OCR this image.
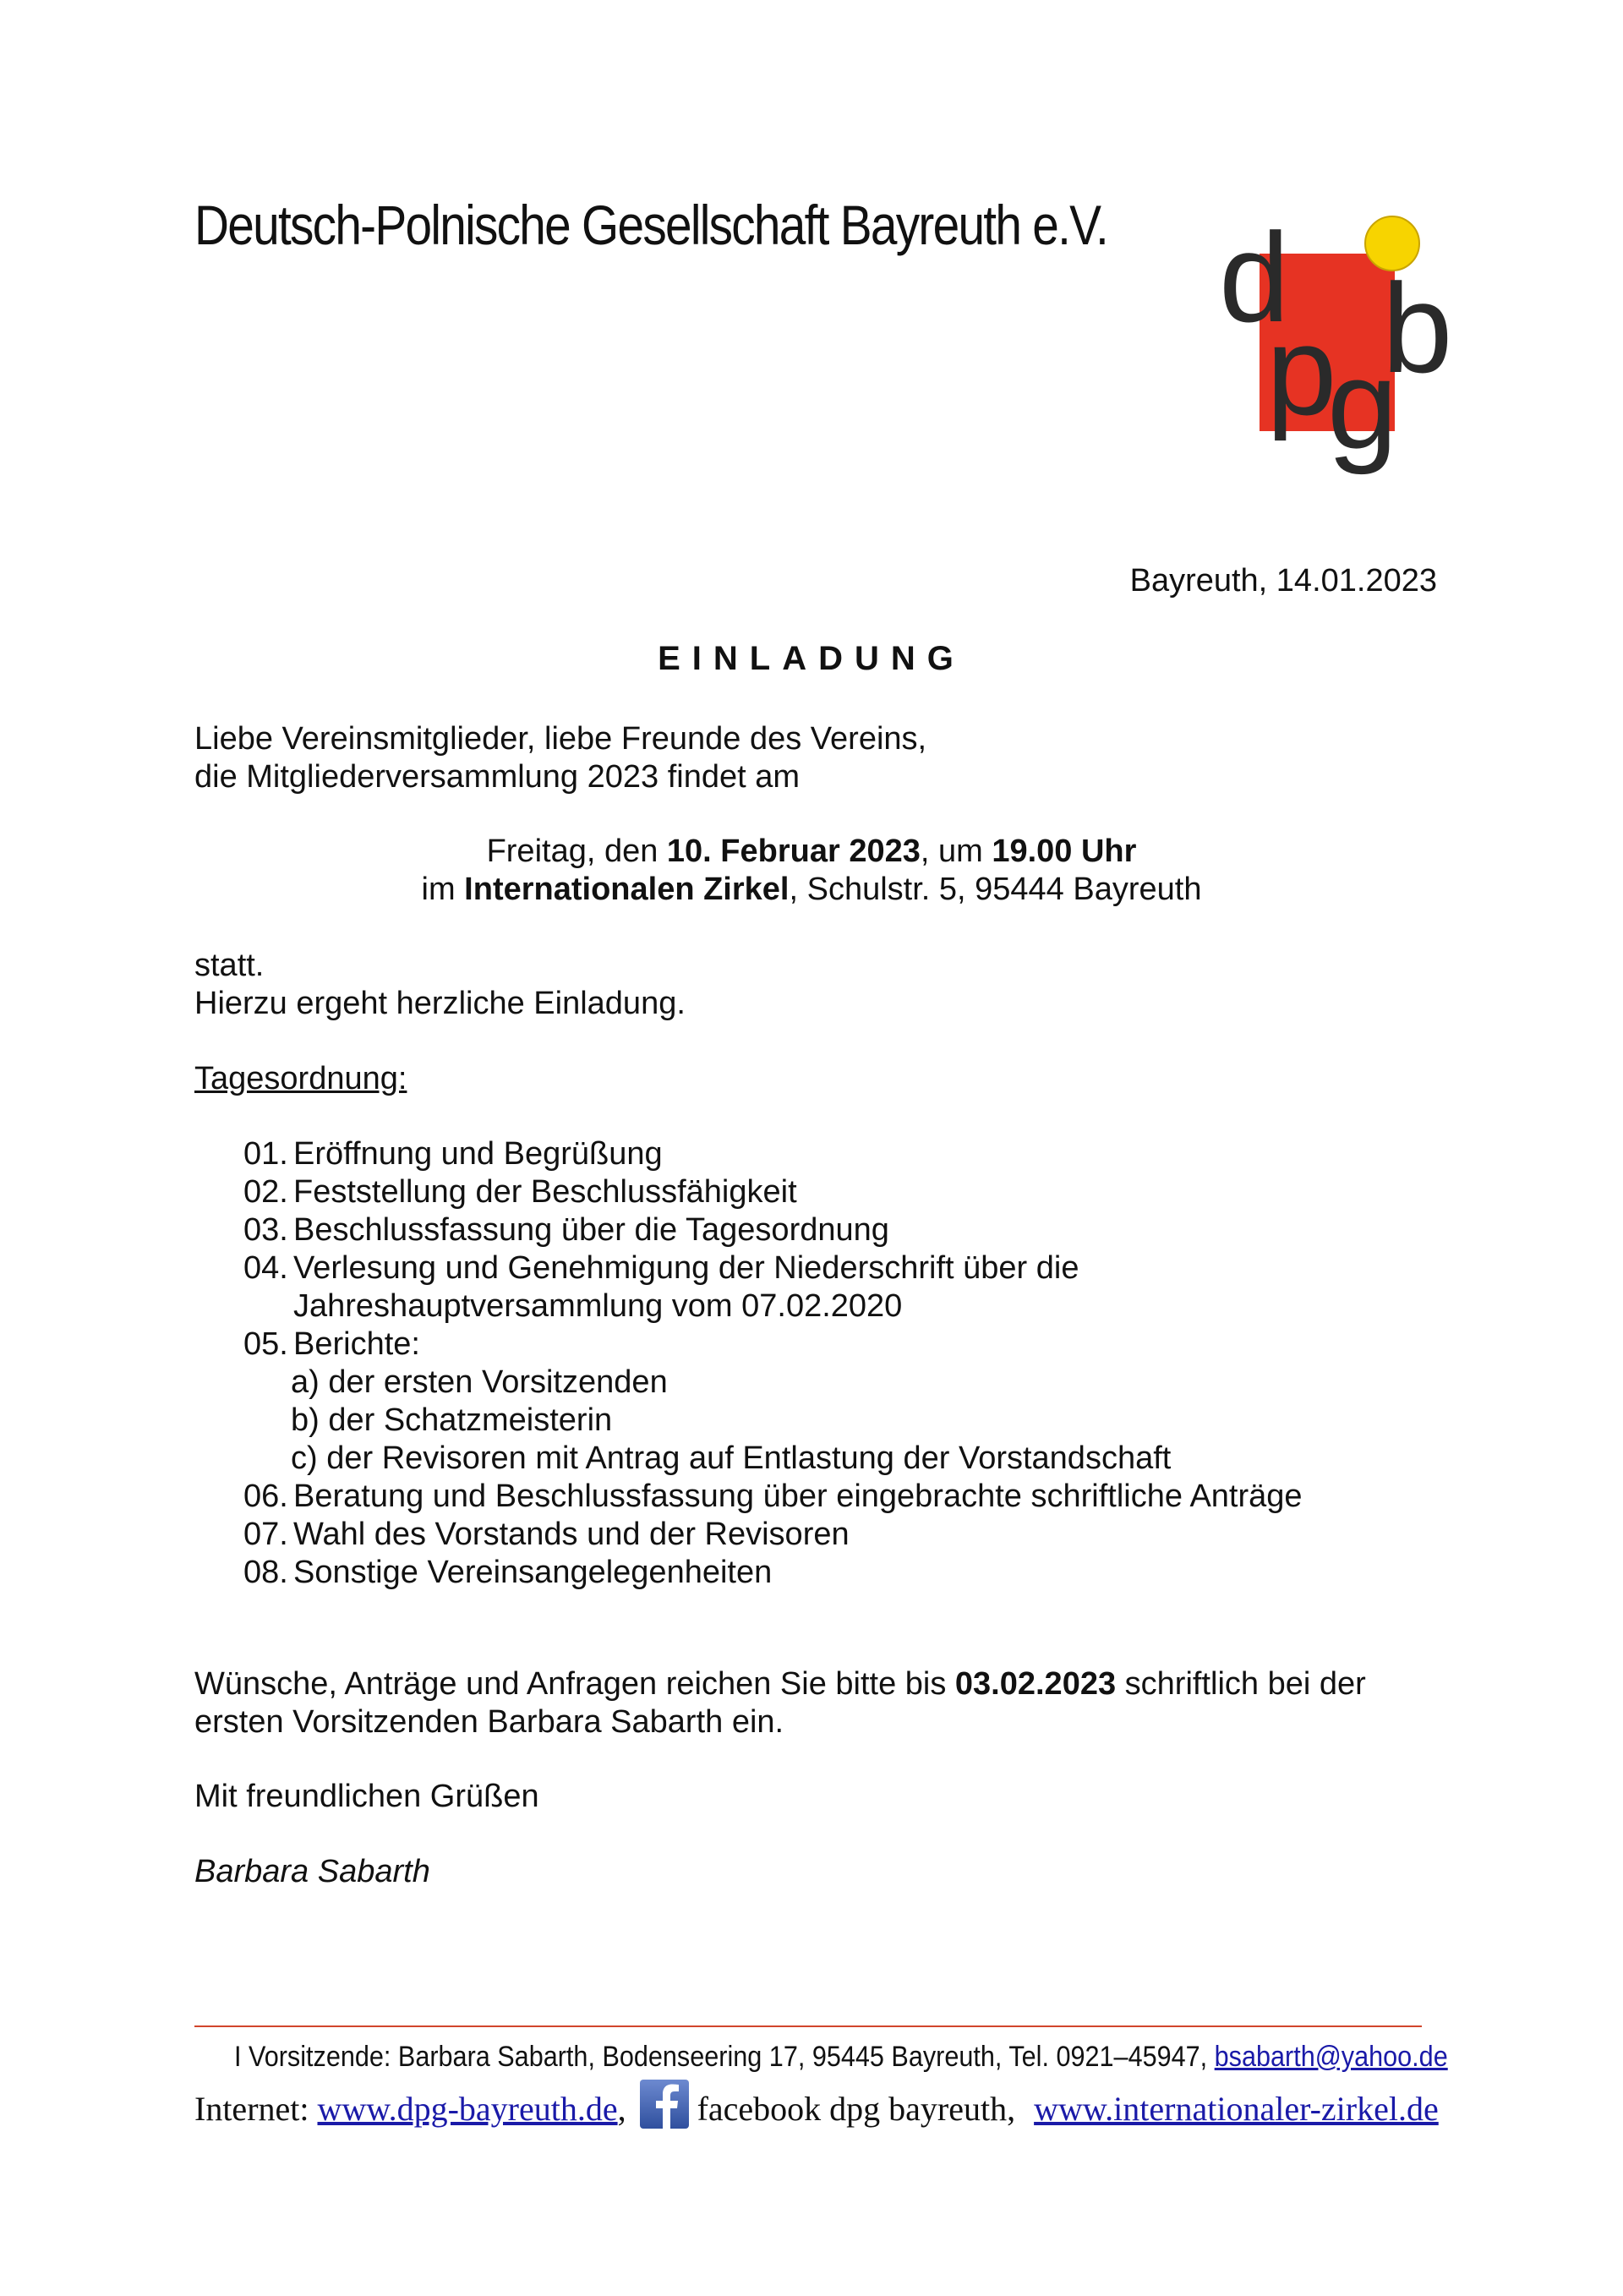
Deutsch-Polnische Gesellschaft Bayreuth e.V. d
p
g
b
Bayreuth, 14.01.2023
EINLADUNG
Liebe Vereinsmitglieder, liebe Freunde des Vereins,
die Mitgliederversammlung 2023 findet am
Freitag, den 10. Februar 2023, um 19.00 Uhr
im Internationalen Zirkel, Schulstr. 5, 95444 Bayreuth
statt.
Hierzu ergeht herzliche Einladung.
Tagesordnung:
01. Eröffnung und Begrüßung
02. Feststellung der Beschlussfähigkeit
03. Beschlussfassung über die Tagesordnung
04. Verlesung und Genehmigung der Niederschrift über die
Jahreshauptversammlung vom 07.02.2020
05. Berichte:
a) der ersten Vorsitzenden
b) der Schatzmeisterin
c) der Revisoren mit Antrag auf Entlastung der Vorstandschaft
06. Beratung und Beschlussfassung über eingebrachte schriftliche Anträge
07. Wahl des Vorstands und der Revisoren
08. Sonstige Vereinsangelegenheiten
Wünsche, Anträge und Anfragen reichen Sie bitte bis 03.02.2023 schriftlich bei der
ersten Vorsitzenden Barbara Sabarth ein.
Mit freundlichen Grüßen
Barbara Sabarth
I Vorsitzende: Barbara Sabarth, Bodenseering 17, 95445 Bayreuth, Tel. 0921–45947, bsabarth@yahoo.de
Internet: www.dpg-bayreuth.de , facebook dpg bayreuth, www.internationaler-zirkel.de
